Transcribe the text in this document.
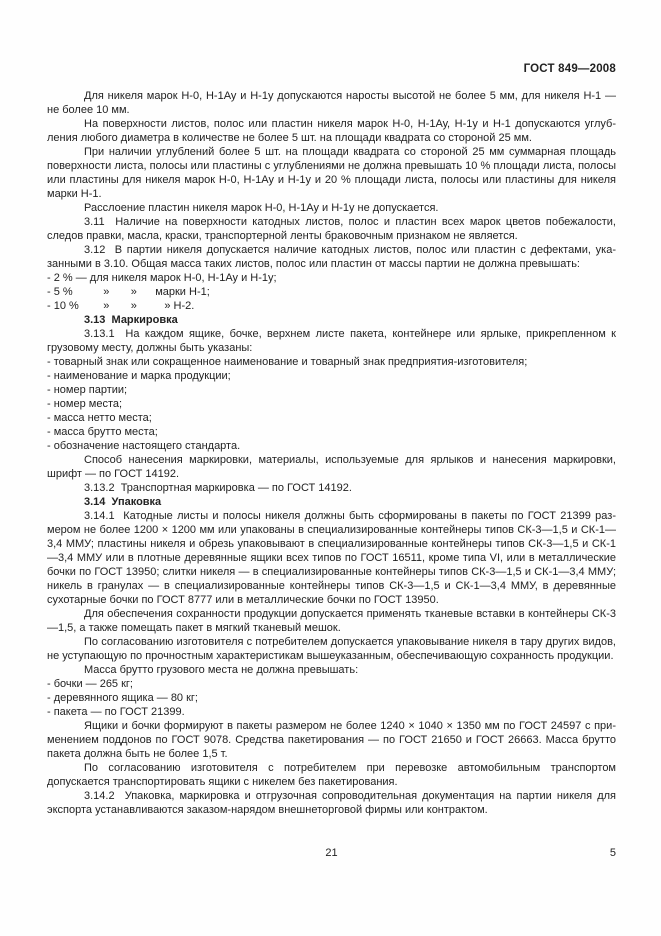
ГОСТ 849—2008

Для никеля марок Н-0, Н-1Ау и Н-1у допускаются наросты высотой не более 5 мм, для никеля Н-1 — не более 10 мм.

На поверхности листов, полос или пластин никеля марок Н-0, Н-1Ау, Н-1у и Н-1 допускаются углубления любого диаметра в количестве не более 5 шт. на площади квадрата со стороной 25 мм.

При наличии углублений более 5 шт. на площади квадрата со стороной 25 мм суммарная площадь поверхности листа, полосы или пластины с углублениями не должна превышать 10 % площади листа, полосы или пластины для никеля марок Н-0, Н-1Ау и Н-1у и 20 % площади листа, полосы или пластины для никеля марки Н-1.

Расслоение пластин никеля марок Н-0, Н-1Ау и Н-1у не допускается.

3.11  Наличие на поверхности катодных листов, полос и пластин всех марок цветов побежалости, следов правки, масла, краски, транспортерной ленты браковочным признаком не является.

3.12  В партии никеля допускается наличие катодных листов, полос или пластин с дефектами, указанными в 3.10. Общая масса таких листов, полос или пластин от массы партии не должна превышать:

- 2 % — для никеля марок Н-0, Н-1Ау и Н-1у;

- 5 %          »       »      марки Н-1;

- 10 %        »       »         » Н-2.

3.13  Маркировка

3.13.1  На каждом ящике, бочке, верхнем листе пакета, контейнере или ярлыке, прикрепленном к грузовому месту, должны быть указаны:

- товарный знак или сокращенное наименование и товарный знак предприятия-изготовителя;

- наименование и марка продукции;

- номер партии;

- номер места;

- масса нетто места;

- масса брутто места;

- обозначение настоящего стандарта.

Способ нанесения маркировки, материалы, используемые для ярлыков и нанесения маркировки, шрифт — по ГОСТ 14192.

3.13.2  Транспортная маркировка — по ГОСТ 14192.

3.14  Упаковка

3.14.1  Катодные листы и полосы никеля должны быть сформированы в пакеты по ГОСТ 21399 размером не более 1200 × 1200 мм или упакованы в специализированные контейнеры типов СК-3—1,5 и СК-1—3,4 ММУ; пластины никеля и обрезь упаковывают в специализированные контейнеры типов СК-3—1,5 и СК-1—3,4 ММУ или в плотные деревянные ящики всех типов по ГОСТ 16511, кроме типа VI, или в металлические бочки по ГОСТ 13950; слитки никеля — в специализированные контейнеры типов СК-3—1,5 и СК-1—3,4 ММУ; никель в гранулах — в специализированные контейнеры типов СК-3—1,5 и СК-1—3,4 ММУ, в деревянные сухотарные бочки по ГОСТ 8777 или в металлические бочки по ГОСТ 13950.

Для обеспечения сохранности продукции допускается применять тканевые вставки в контейнеры СК-3—1,5, а также помещать пакет в мягкий тканевый мешок.

По согласованию изготовителя с потребителем допускается упаковывание никеля в тару других видов, не уступающую по прочностным характеристикам вышеуказанным, обеспечивающую сохранность продукции.

Масса брутто грузового места не должна превышать:

- бочки — 265 кг;

- деревянного ящика — 80 кг;

- пакета — по ГОСТ 21399.

Ящики и бочки формируют в пакеты размером не более 1240 × 1040 × 1350 мм по ГОСТ 24597 с применением поддонов по ГОСТ 9078. Средства пакетирования — по ГОСТ 21650 и ГОСТ 26663. Масса брутто пакета должна быть не более 1,5 т.

По согласованию изготовителя с потребителем при перевозке автомобильным транспортом допускается транспортировать ящики с никелем без пакетирования.

3.14.2  Упаковка, маркировка и отгрузочная сопроводительная документация на партии никеля для экспорта устанавливаются заказом-нарядом внешнеторговой фирмы или контрактом.

21	5
